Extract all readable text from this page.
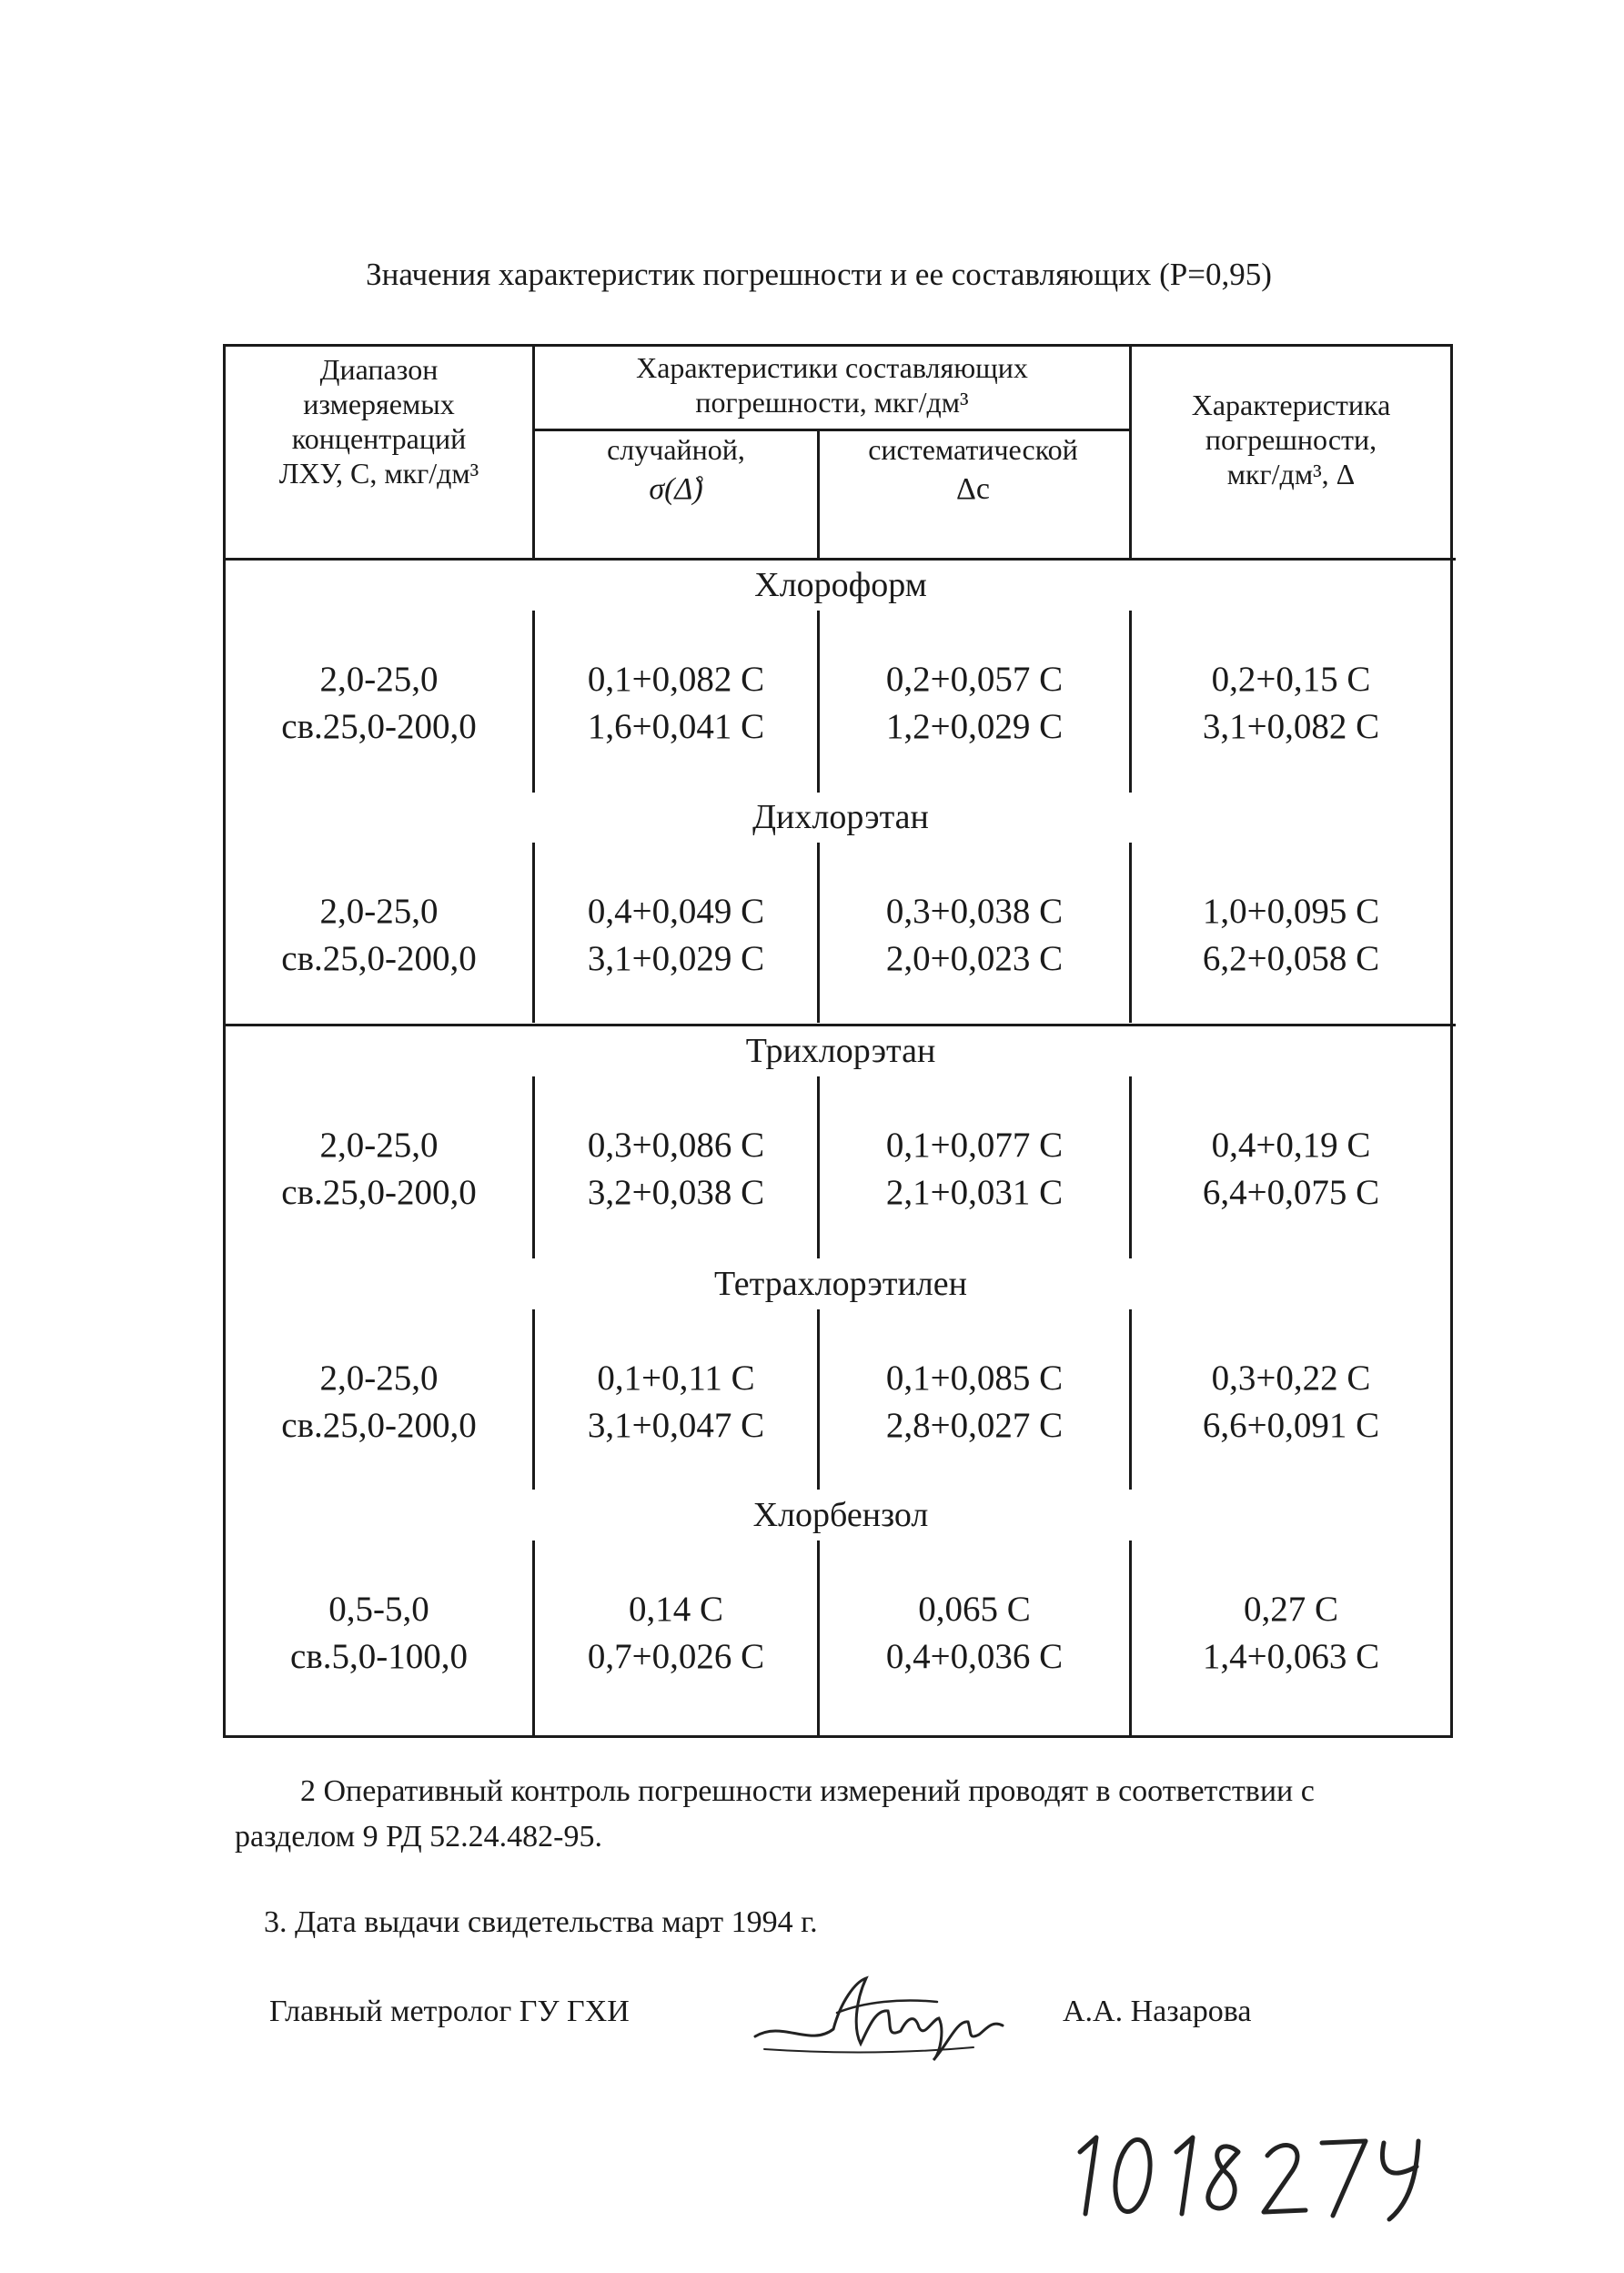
Значения характеристик погрешности и ее составляющих (Р=0,95)
Диапазон
измеряемых
концентраций
ЛХУ, С, мкг/дм³
Характеристики составляющих
погрешности, мкг/дм³
случайной,
σ(Δ̊)
систематической
Δс
Характеристика
погрешности,
мкг/дм³, Δ
Хлороформ
2,0-25,0
св.25,0-200,0
0,1+0,082 С
1,6+0,041 С
0,2+0,057 С
1,2+0,029 С
0,2+0,15 С
3,1+0,082 С
Дихлорэтан
2,0-25,0
св.25,0-200,0
0,4+0,049 С
3,1+0,029 С
0,3+0,038 С
2,0+0,023 С
1,0+0,095 С
6,2+0,058 С
Трихлорэтан
2,0-25,0
св.25,0-200,0
0,3+0,086 С
3,2+0,038 С
0,1+0,077 С
2,1+0,031 С
0,4+0,19 С
6,4+0,075 С
Тетрахлорэтилен
2,0-25,0
св.25,0-200,0
0,1+0,11 С
3,1+0,047 С
0,1+0,085 С
2,8+0,027 С
0,3+0,22 С
6,6+0,091 С
Хлорбензол
0,5-5,0
св.5,0-100,0
0,14 С
0,7+0,026 С
0,065 С
0,4+0,036 С
0,27 С
1,4+0,063 С
2 Оперативный контроль погрешности измерений проводят в соответствии с
разделом 9 РД 52.24.482-95.
3. Дата выдачи свидетельства март 1994 г.
Главный метролог ГУ ГХИ	А.А. Назарова
